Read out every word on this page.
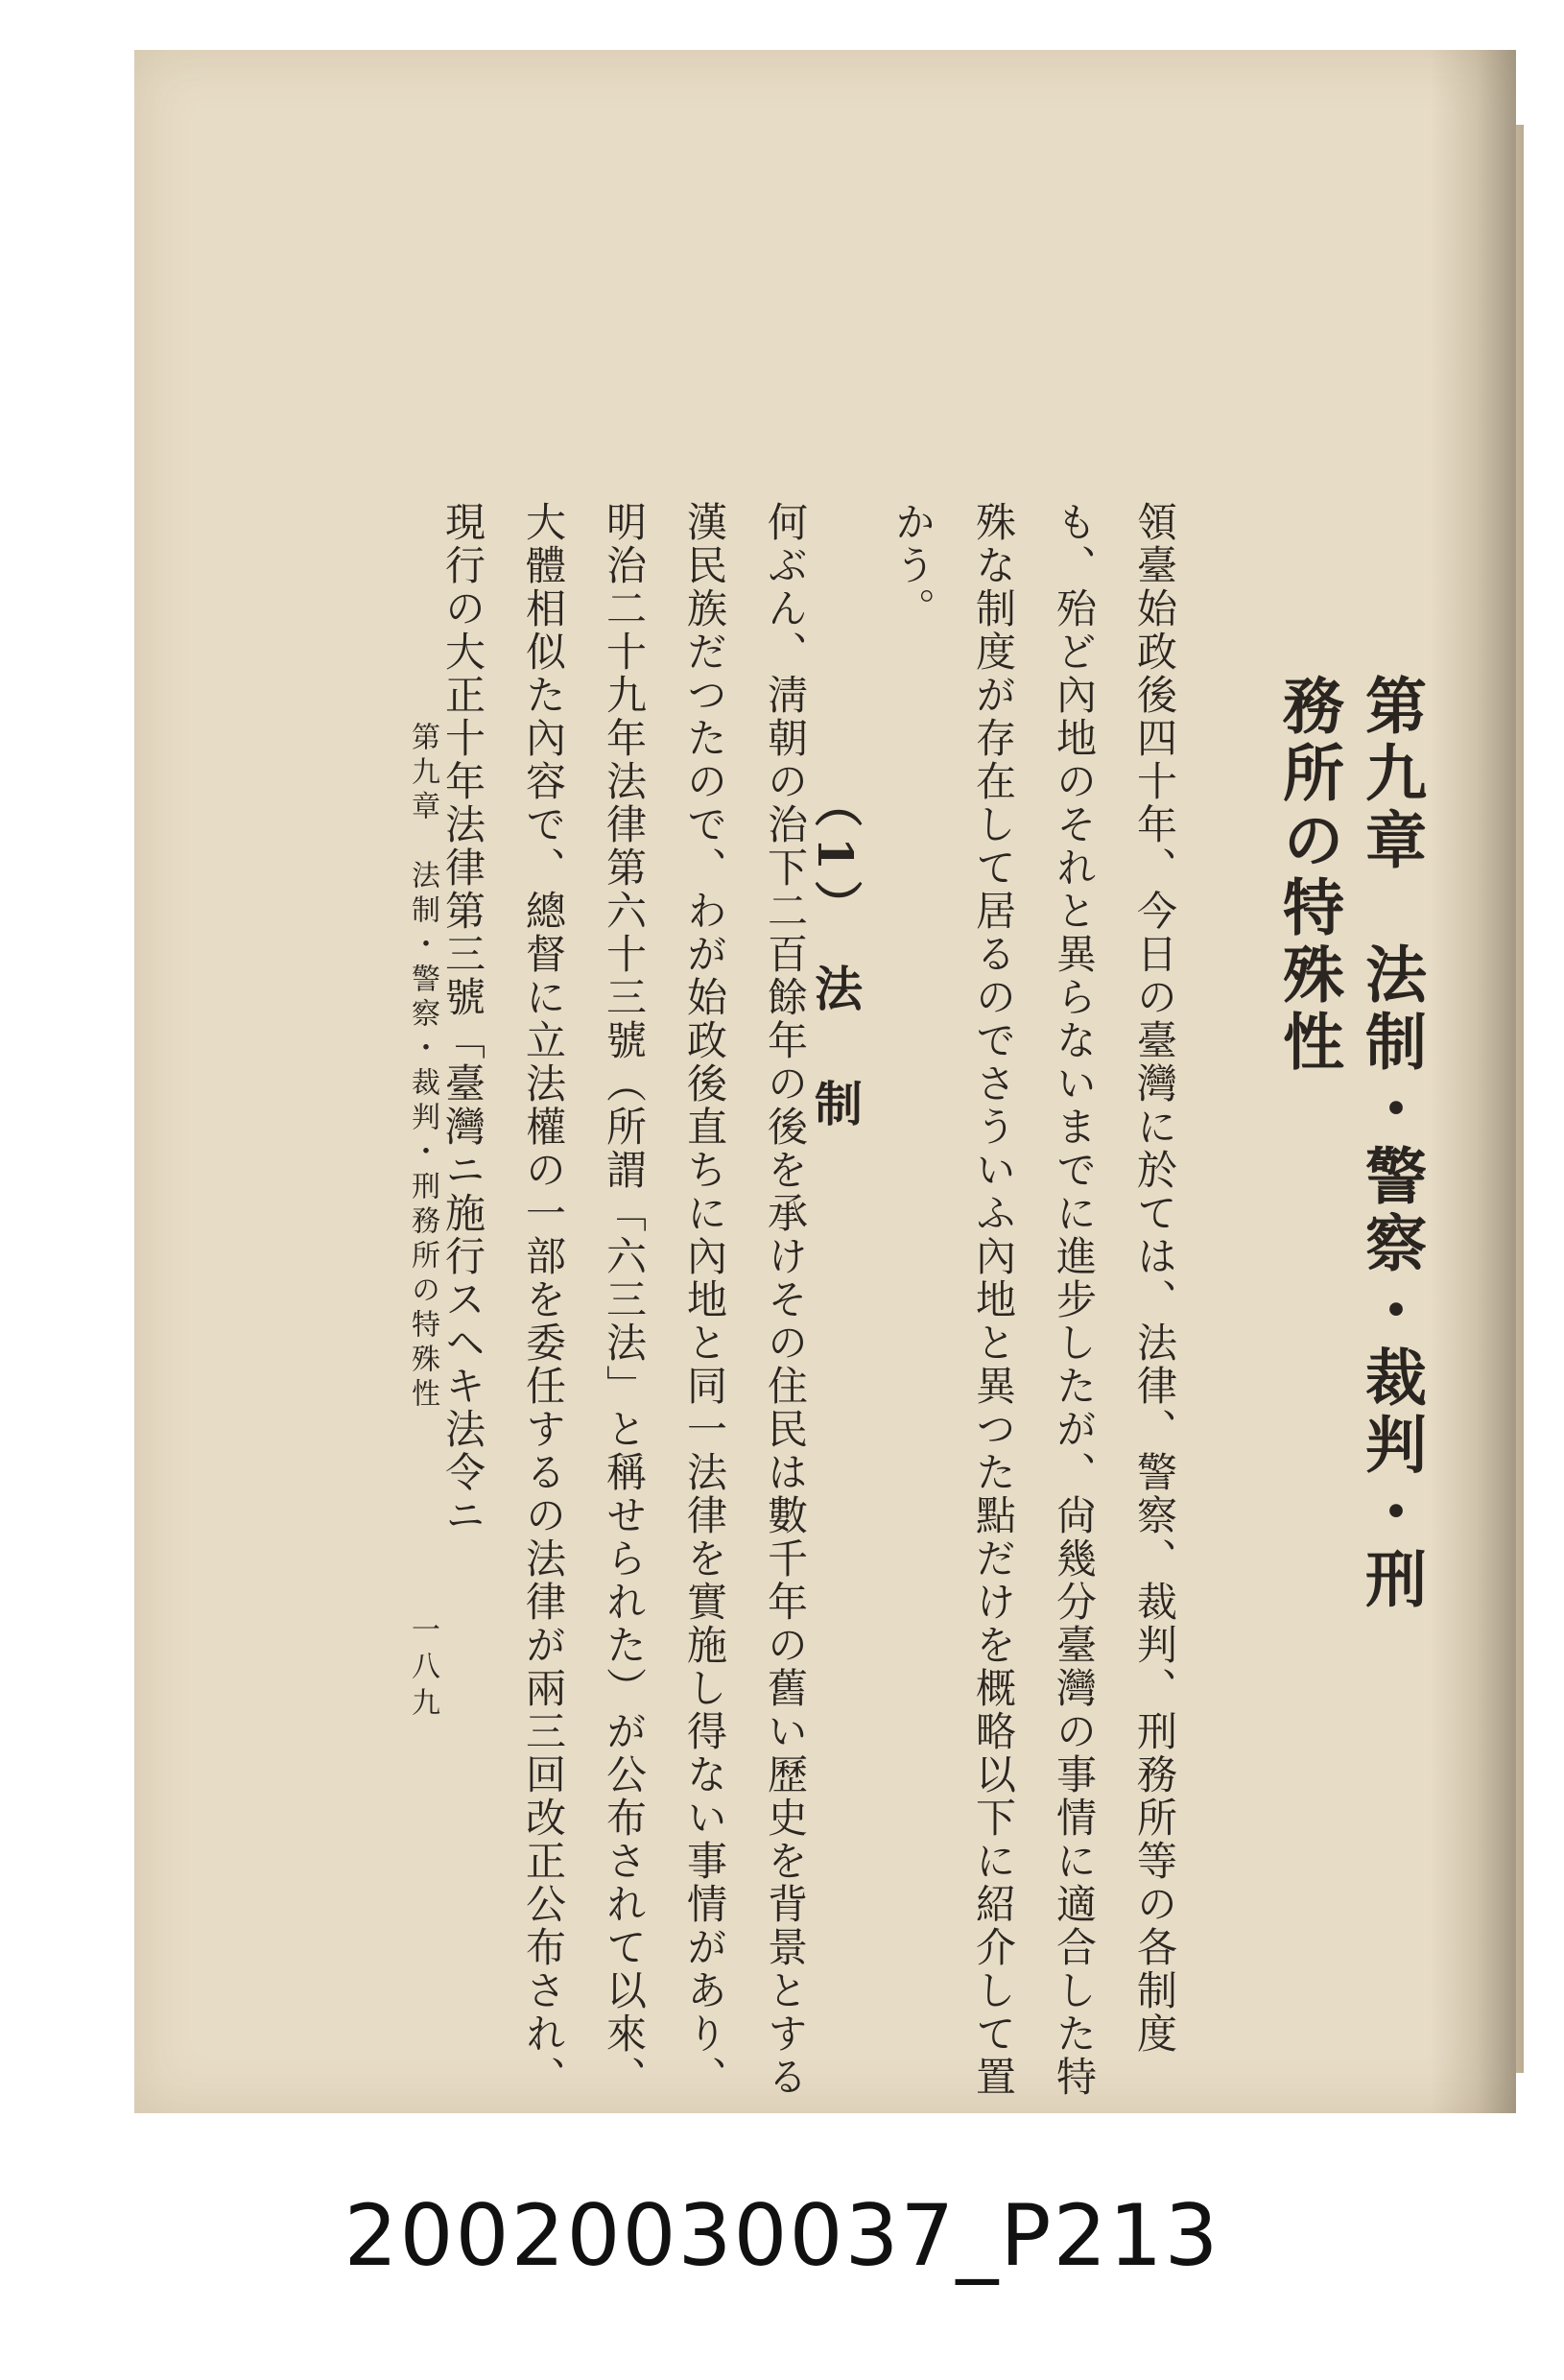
第九章　法制・警察・裁判・刑務所の特殊性

領臺始政後四十年、今日の臺灣に於ては、法律、警察、裁判、刑務所等の各制度も、殆ど內地のそれと異らないまでに進步したが、尙幾分臺灣の事情に適合した特殊な制度が存在して居るのでさういふ內地と異つた點だけを概略以下に紹介して置かう。

（1） 法　制

何ぶん、淸朝の治下二百餘年の後を承けその住民は數千年の舊い歷史を背景とする漢民族だつたので、わが始政後直ちに內地と同一法律を實施し得ない事情があり、明治二十九年法律第六十三號（所謂「六三法」と稱せられた）が公布されて以來、大體相似た內容で、總督に立法權の一部を委任するの法律が兩三回改正公布され、現行の大正十年法律第三號「臺灣ニ施行スヘキ法令ニ

第九章　法制・警察・裁判・刑務所の特殊性
一八九
20020030037_P213
